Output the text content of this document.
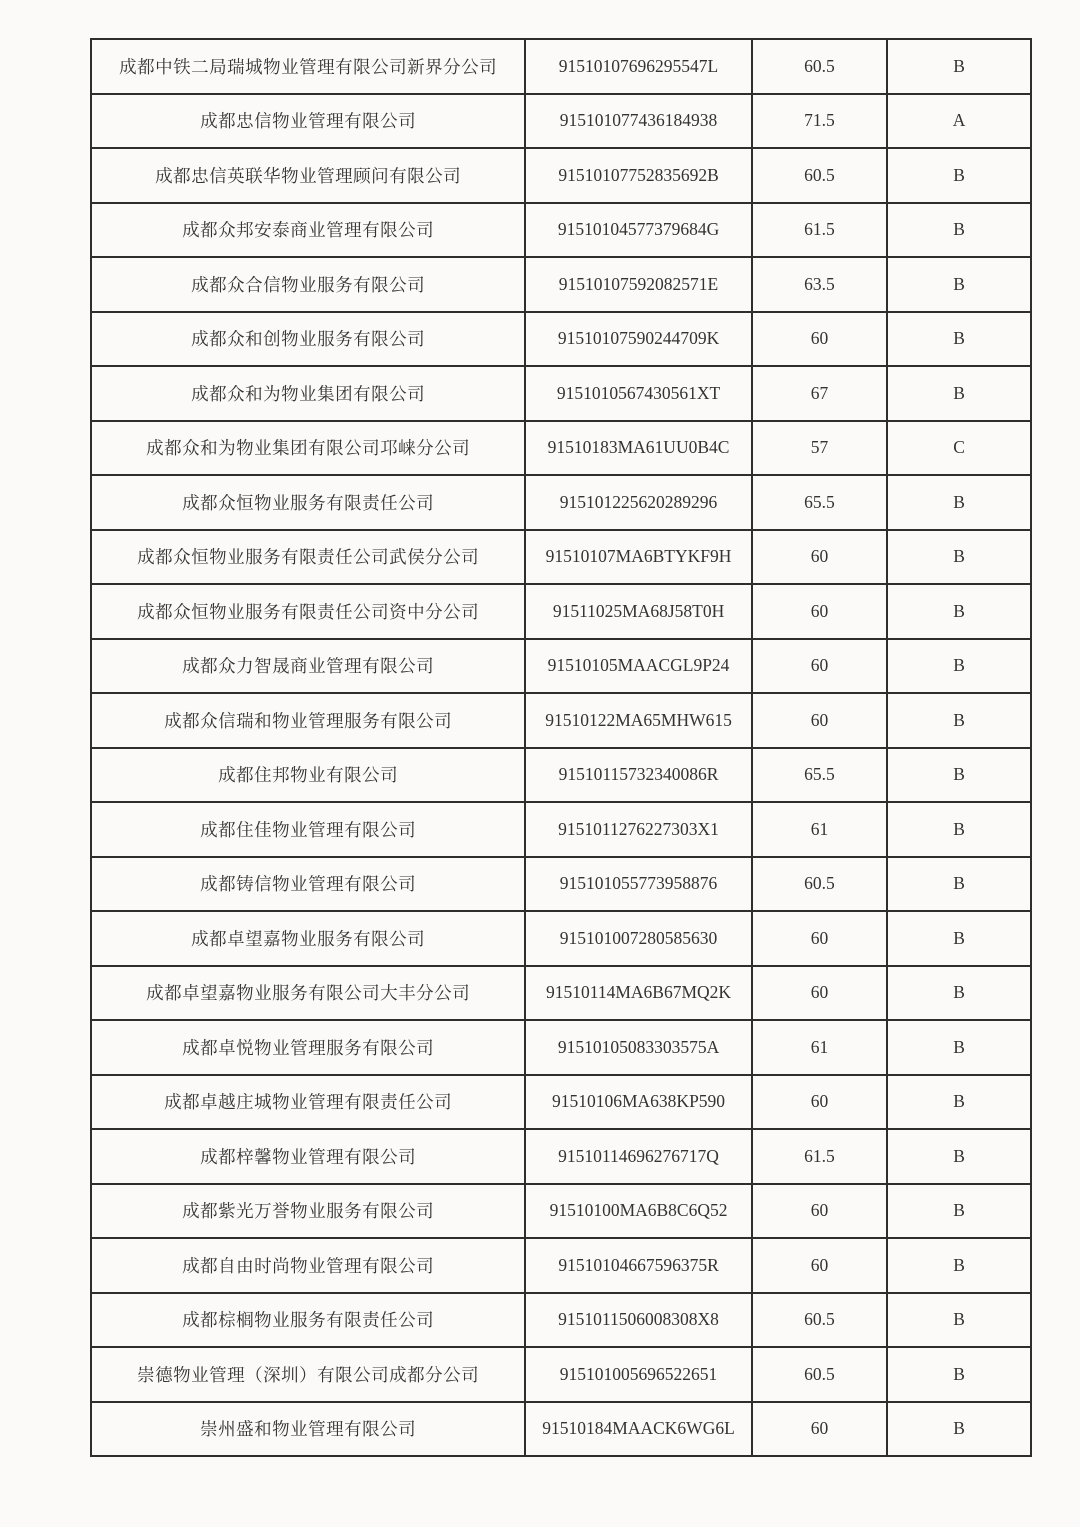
成都中铁二局瑞城物业管理有限公司新界分公司	91510107696295547L	60.5	B
成都忠信物业管理有限公司	915101077436184938	71.5	A
成都忠信英联华物业管理顾问有限公司	91510107752835692B	60.5	B
成都众邦安泰商业管理有限公司	91510104577379684G	61.5	B
成都众合信物业服务有限公司	91510107592082571E	63.5	B
成都众和创物业服务有限公司	91510107590244709K	60	B
成都众和为物业集团有限公司	9151010567430561XT	67	B
成都众和为物业集团有限公司邛崃分公司	91510183MA61UU0B4C	57	C
成都众恒物业服务有限责任公司	915101225620289296	65.5	B
成都众恒物业服务有限责任公司武侯分公司	91510107MA6BTYKF9H	60	B
成都众恒物业服务有限责任公司资中分公司	91511025MA68J58T0H	60	B
成都众力智晟商业管理有限公司	91510105MAACGL9P24	60	B
成都众信瑞和物业管理服务有限公司	91510122MA65MHW615	60	B
成都住邦物业有限公司	91510115732340086R	65.5	B
成都住佳物业管理有限公司	9151011276227303X1	61	B
成都铸信物业管理有限公司	915101055773958876	60.5	B
成都卓望嘉物业服务有限公司	915101007280585630	60	B
成都卓望嘉物业服务有限公司大丰分公司	91510114MA6B67MQ2K	60	B
成都卓悦物业管理服务有限公司	91510105083303575A	61	B
成都卓越庄城物业管理有限责任公司	91510106MA638KP590	60	B
成都梓馨物业管理有限公司	91510114696276717Q	61.5	B
成都紫光万誉物业服务有限公司	91510100MA6B8C6Q52	60	B
成都自由时尚物业管理有限公司	91510104667596375R	60	B
成都棕榈物业服务有限责任公司	9151011506008308X8	60.5	B
崇德物业管理（深圳）有限公司成都分公司	915101005696522651	60.5	B
崇州盛和物业管理有限公司	91510184MAACK6WG6L	60	B
